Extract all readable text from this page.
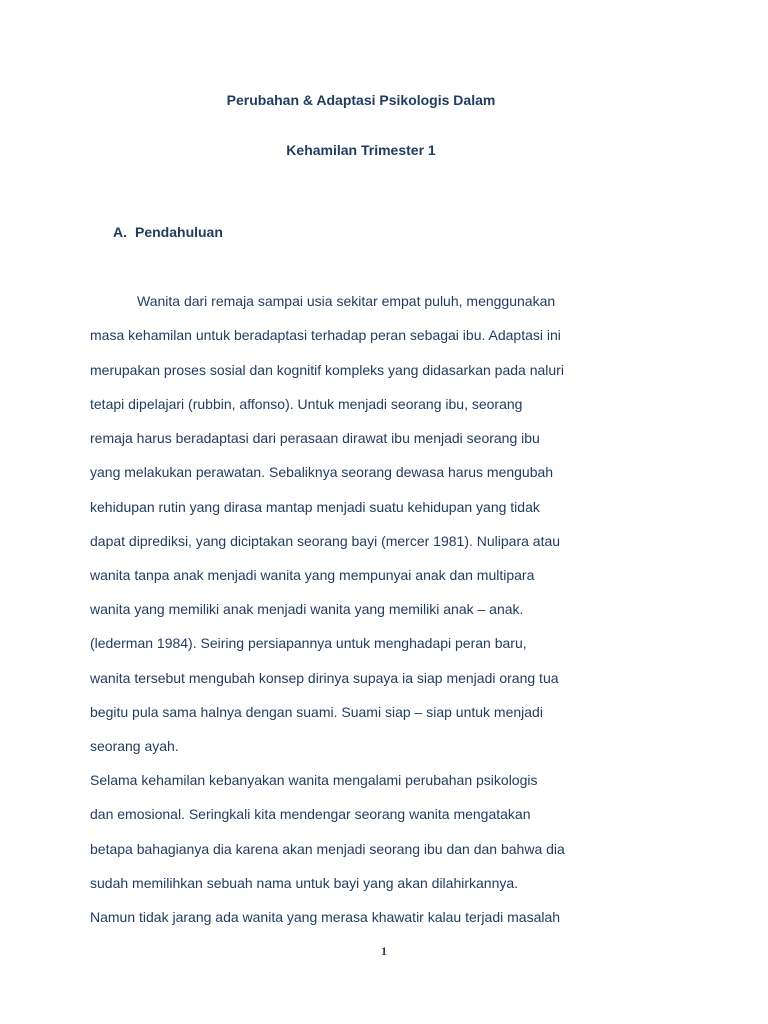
Perubahan & Adaptasi Psikologis Dalam
Kehamilan Trimester 1
A. Pendahuluan
Wanita dari remaja sampai usia sekitar empat puluh, menggunakan
masa kehamilan untuk beradaptasi terhadap peran sebagai ibu. Adaptasi ini
merupakan proses sosial dan kognitif kompleks yang didasarkan pada naluri
tetapi dipelajari (rubbin, affonso). Untuk menjadi seorang ibu, seorang
remaja harus beradaptasi dari perasaan dirawat ibu menjadi seorang ibu
yang melakukan perawatan. Sebaliknya seorang dewasa harus mengubah
kehidupan rutin yang dirasa mantap menjadi suatu kehidupan yang tidak
dapat diprediksi, yang diciptakan seorang bayi (mercer 1981). Nulipara atau
wanita tanpa anak menjadi wanita yang mempunyai anak dan multipara
wanita yang memiliki anak menjadi wanita yang memiliki anak – anak.
(lederman 1984). Seiring persiapannya untuk menghadapi peran baru,
wanita tersebut mengubah konsep dirinya supaya ia siap menjadi orang tua
begitu pula sama halnya dengan suami. Suami siap – siap untuk menjadi
seorang ayah.
Selama kehamilan kebanyakan wanita mengalami perubahan psikologis
dan emosional. Seringkali kita mendengar seorang wanita mengatakan
betapa bahagianya dia karena akan menjadi seorang ibu dan dan bahwa dia
sudah memilihkan sebuah nama untuk bayi yang akan dilahirkannya.
Namun tidak jarang ada wanita yang merasa khawatir kalau terjadi masalah
1
